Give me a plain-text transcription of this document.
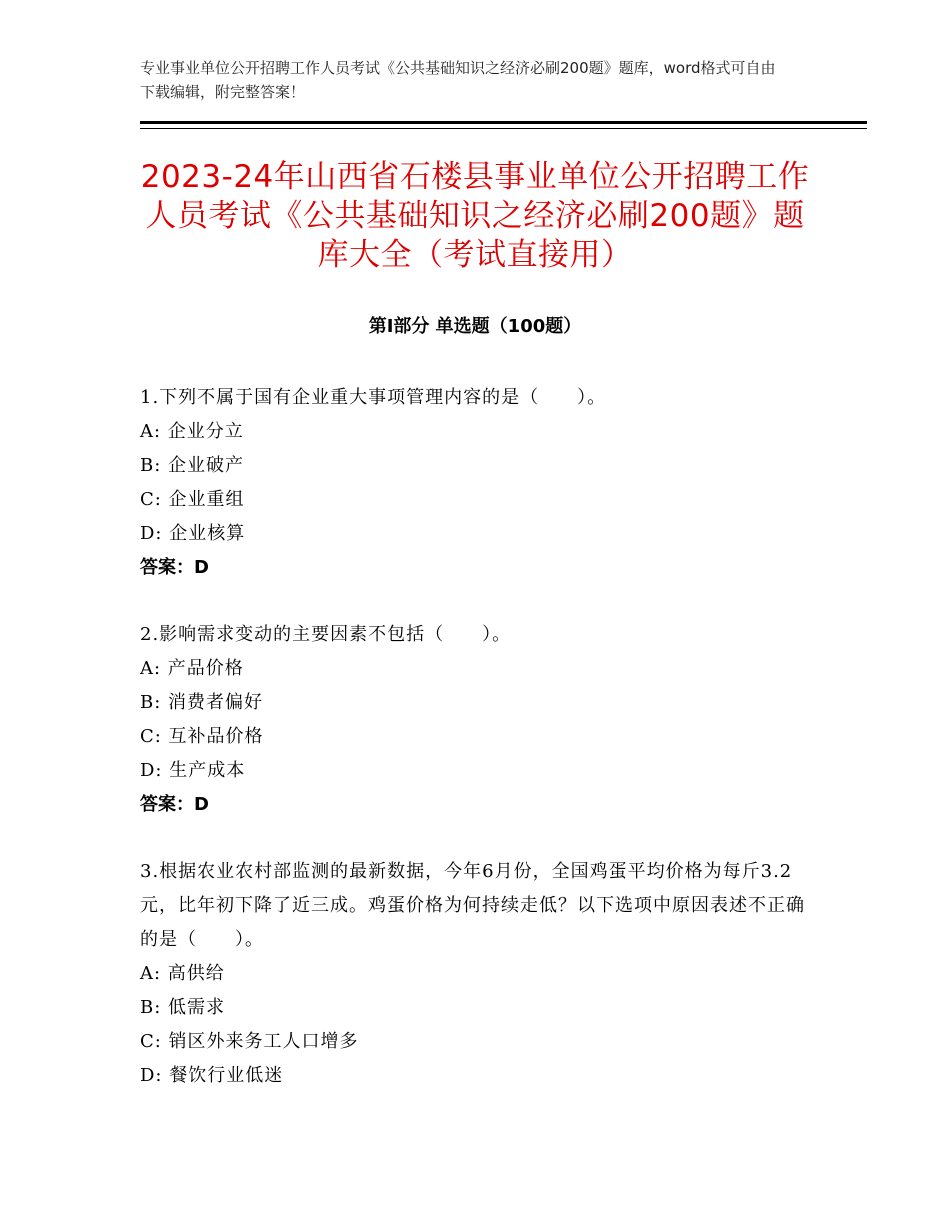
专业事业单位公开招聘工作人员考试《公共基础知识之经济必刷200题》题库，word格式可自由下载编辑，附完整答案！
2023-24年山西省石楼县事业单位公开招聘工作人员考试《公共基础知识之经济必刷200题》题库大全（考试直接用）
第Ⅰ部分 单选题（100题）
1.下列不属于国有企业重大事项管理内容的是（　　）。
A: 企业分立
B: 企业破产
C: 企业重组
D: 企业核算
答案：D
2.影响需求变动的主要因素不包括（　　）。
A: 产品价格
B: 消费者偏好
C: 互补品价格
D: 生产成本
答案：D
3.根据农业农村部监测的最新数据，今年6月份，全国鸡蛋平均价格为每斤3.2元，比年初下降了近三成。鸡蛋价格为何持续走低？以下选项中原因表述不正确的是（　　）。
A: 高供给
B: 低需求
C: 销区外来务工人口增多
D: 餐饮行业低迷
